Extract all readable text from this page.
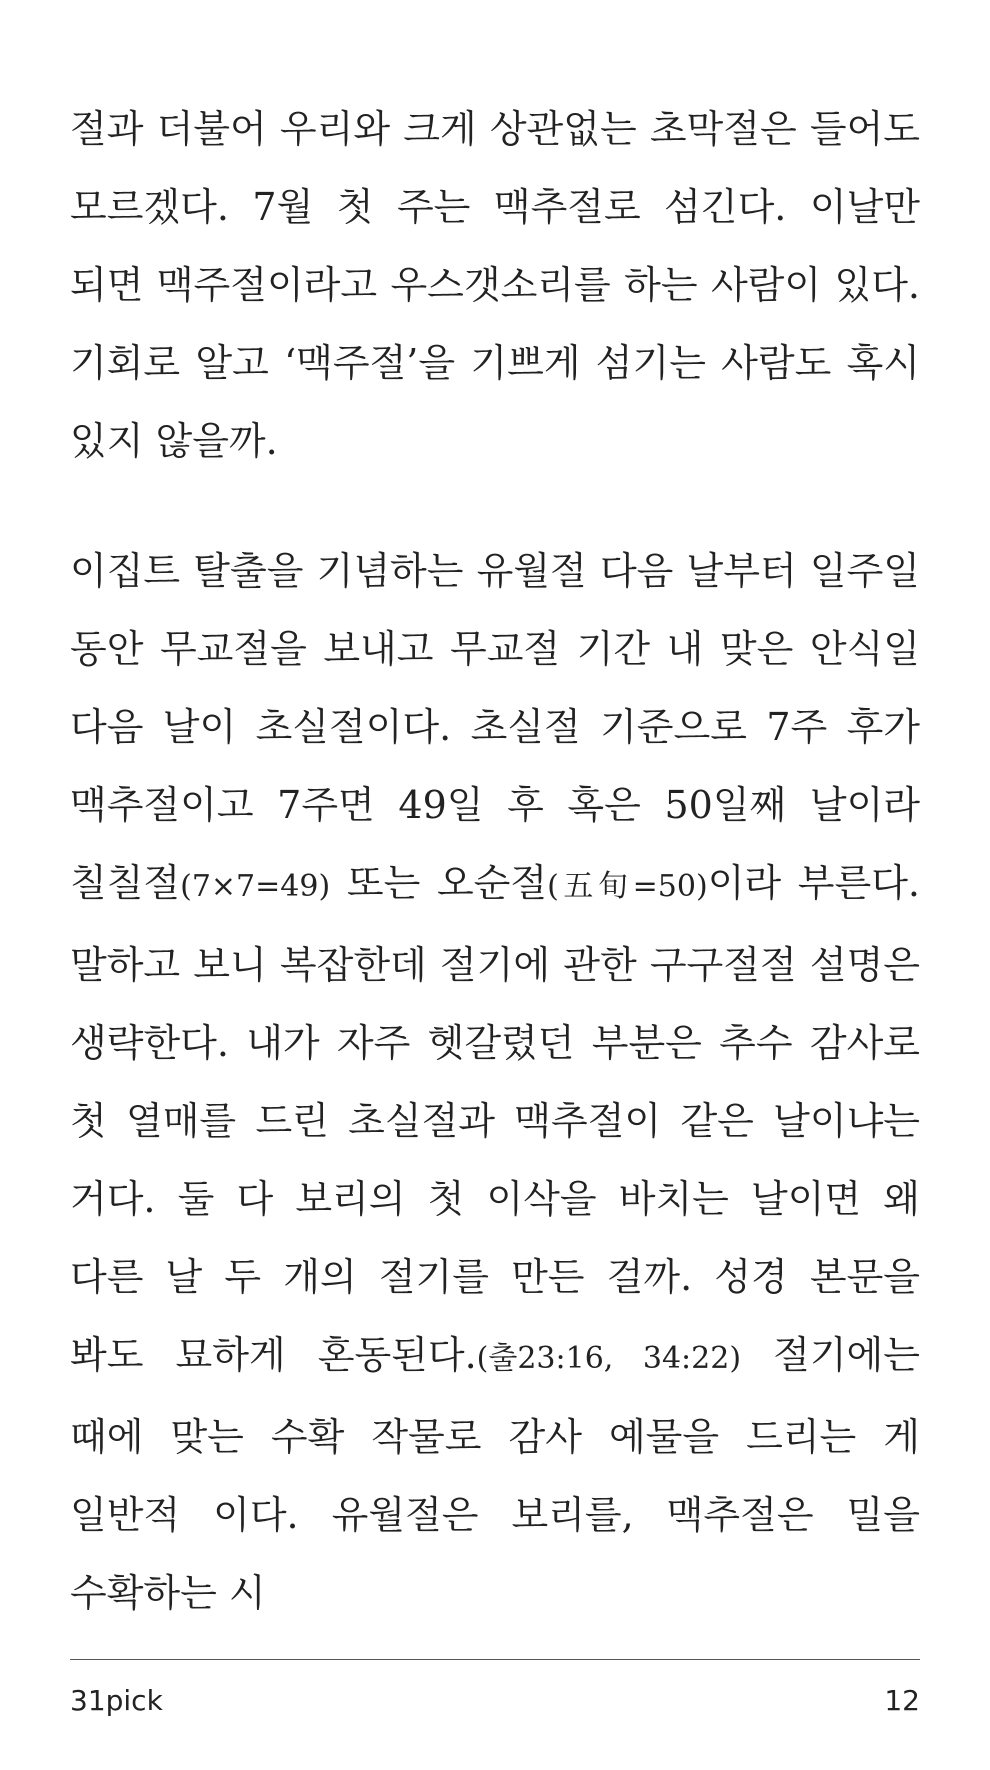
절과 더불어 우리와 크게 상관없는 초막절은 들어도 모르겠다. 7월 첫 주는 맥추절로 섬긴다. 이날만 되면 맥주절이라고 우스갯소리를 하는 사람이 있다. 기회로 알고 ‘맥주절’을 기쁘게 섬기는 사람도 혹시 있지 않을까.

이집트 탈출을 기념하는 유월절 다음 날부터 일주일 동안 무교절을 보내고 무교절 기간 내 맞은 안식일 다음 날이 초실절이다. 초실절 기준으로 7주 후가 맥추절이고 7주면 49일 후 혹은 50일째 날이라 칠칠절(7×7=49) 또는 오순절(五旬=50)이라 부른다. 말하고 보니 복잡한데 절기에 관한 구구절절 설명은 생략한다. 내가 자주 헷갈렸던 부분은 추수 감사로 첫 열매를 드린 초실절과 맥추절이 같은 날이냐는 거다. 둘 다 보리의 첫 이삭을 바치는 날이면 왜 다른 날 두 개의 절기를 만든 걸까. 성경 본문을 봐도 묘하게 혼동된다.(출23:16, 34:22) 절기에는 때에 맞는 수확 작물로 감사 예물을 드리는 게 일반적 이다. 유월절은 보리를, 맥추절은 밀을 수확하는 시

31pick	12
